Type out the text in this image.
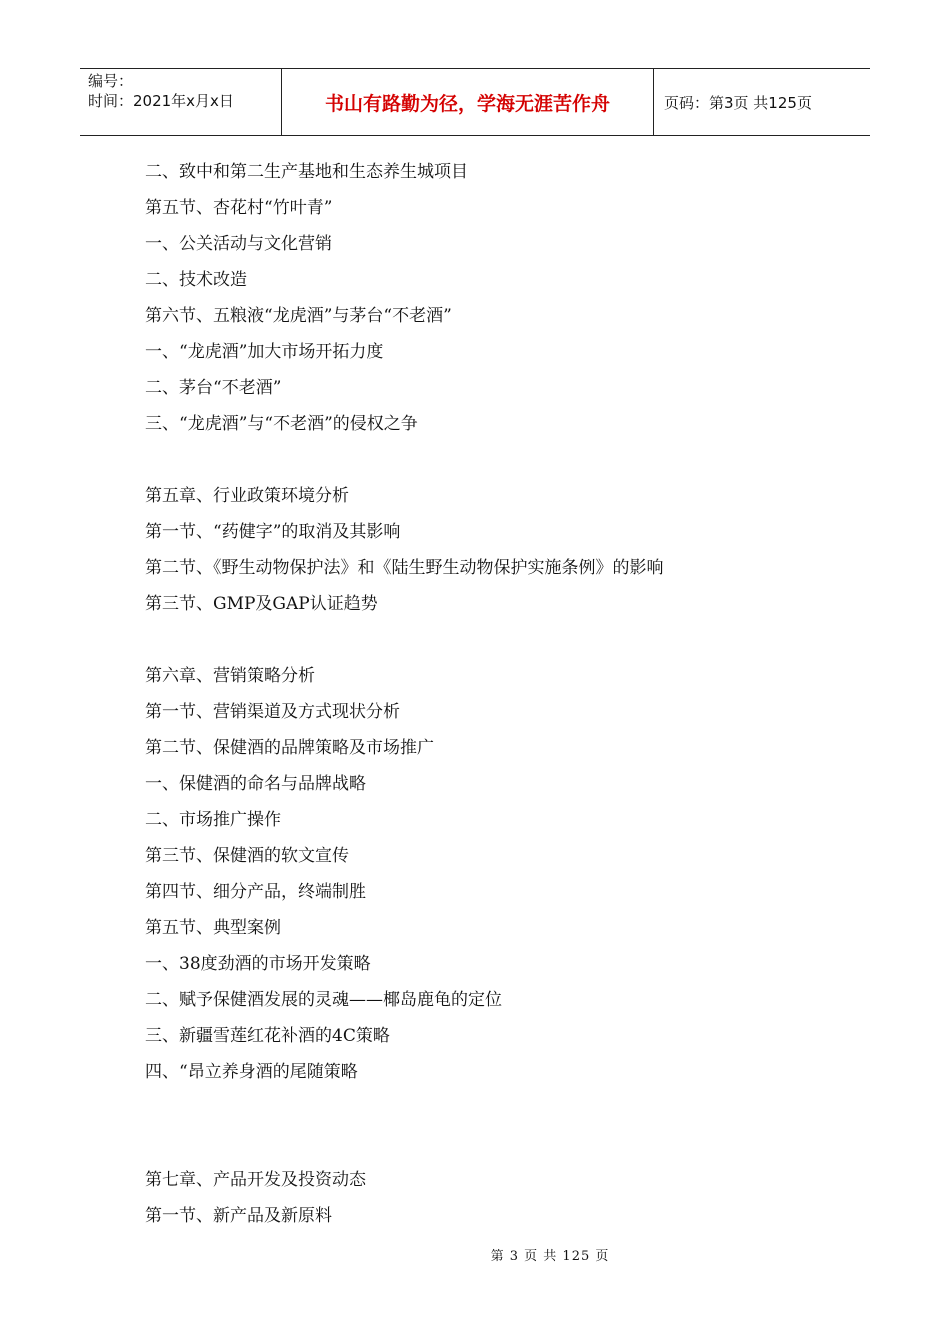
编号：
时间：2021年x月x日	书山有路勤为径，学海无涯苦作舟	页码：第3页 共125页
二、致中和第二生产基地和生态养生城项目
第五节、杏花村“竹叶青”
一、公关活动与文化营销
二、技术改造
第六节、五粮液“龙虎酒”与茅台“不老酒”
一、“龙虎酒”加大市场开拓力度
二、茅台“不老酒”
三、“龙虎酒”与“不老酒”的侵权之争
第五章、行业政策环境分析
第一节、“药健字”的取消及其影响
第二节、《野生动物保护法》和《陆生野生动物保护实施条例》的影响
第三节、GMP及GAP认证趋势
第六章、营销策略分析
第一节、营销渠道及方式现状分析
第二节、保健酒的品牌策略及市场推广
一、保健酒的命名与品牌战略
二、市场推广操作
第三节、保健酒的软文宣传
第四节、细分产品，终端制胜
第五节、典型案例
一、38度劲酒的市场开发策略
二、赋予保健酒发展的灵魂——椰岛鹿龟的定位
三、新疆雪莲红花补酒的4C策略
四、“昂立养身酒的尾随策略
第七章、产品开发及投资动态
第一节、新产品及新原料
第 3 页 共 125 页
